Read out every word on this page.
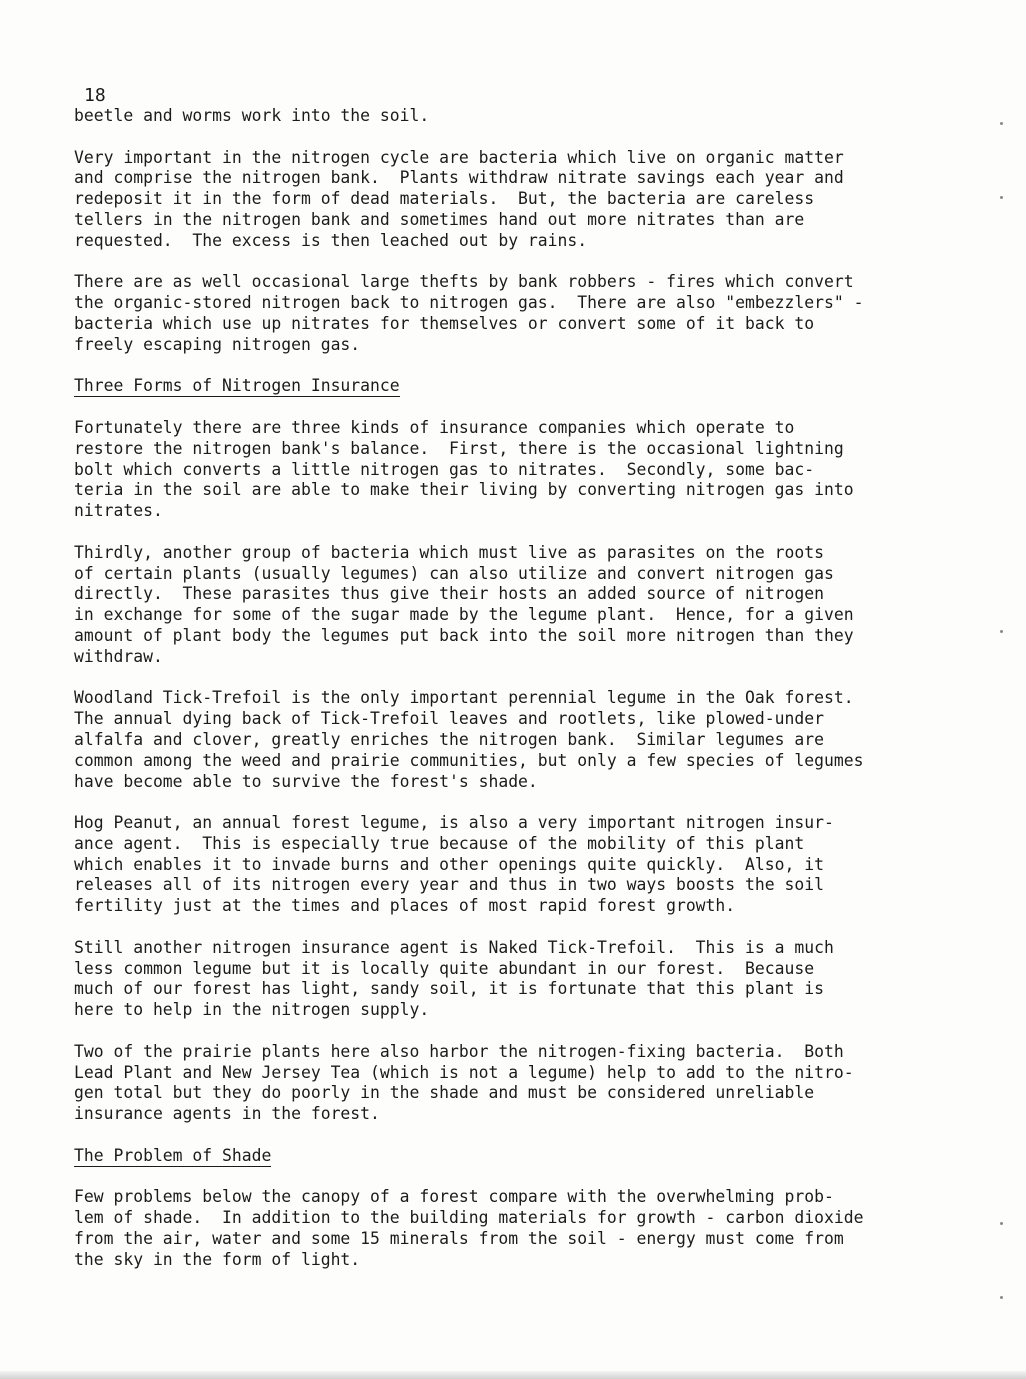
18
beetle and worms work into the soil.
Very important in the nitrogen cycle are bacteria which live on organic matter
and comprise the nitrogen bank.  Plants withdraw nitrate savings each year and
redeposit it in the form of dead materials.  But, the bacteria are careless
tellers in the nitrogen bank and sometimes hand out more nitrates than are
requested.  The excess is then leached out by rains.
There are as well occasional large thefts by bank robbers - fires which convert
the organic-stored nitrogen back to nitrogen gas.  There are also "embezzlers" -
bacteria which use up nitrates for themselves or convert some of it back to
freely escaping nitrogen gas.
Three Forms of Nitrogen Insurance
Fortunately there are three kinds of insurance companies which operate to
restore the nitrogen bank's balance.  First, there is the occasional lightning
bolt which converts a little nitrogen gas to nitrates.  Secondly, some bac-
teria in the soil are able to make their living by converting nitrogen gas into
nitrates.
Thirdly, another group of bacteria which must live as parasites on the roots
of certain plants (usually legumes) can also utilize and convert nitrogen gas
directly.  These parasites thus give their hosts an added source of nitrogen
in exchange for some of the sugar made by the legume plant.  Hence, for a given
amount of plant body the legumes put back into the soil more nitrogen than they
withdraw.
Woodland Tick-Trefoil is the only important perennial legume in the Oak forest.
The annual dying back of Tick-Trefoil leaves and rootlets, like plowed-under
alfalfa and clover, greatly enriches the nitrogen bank.  Similar legumes are
common among the weed and prairie communities, but only a few species of legumes
have become able to survive the forest's shade.
Hog Peanut, an annual forest legume, is also a very important nitrogen insur-
ance agent.  This is especially true because of the mobility of this plant
which enables it to invade burns and other openings quite quickly.  Also, it
releases all of its nitrogen every year and thus in two ways boosts the soil
fertility just at the times and places of most rapid forest growth.
Still another nitrogen insurance agent is Naked Tick-Trefoil.  This is a much
less common legume but it is locally quite abundant in our forest.  Because
much of our forest has light, sandy soil, it is fortunate that this plant is
here to help in the nitrogen supply.
Two of the prairie plants here also harbor the nitrogen-fixing bacteria.  Both
Lead Plant and New Jersey Tea (which is not a legume) help to add to the nitro-
gen total but they do poorly in the shade and must be considered unreliable
insurance agents in the forest.
The Problem of Shade
Few problems below the canopy of a forest compare with the overwhelming prob-
lem of shade.  In addition to the building materials for growth - carbon dioxide
from the air, water and some 15 minerals from the soil - energy must come from
the sky in the form of light.
